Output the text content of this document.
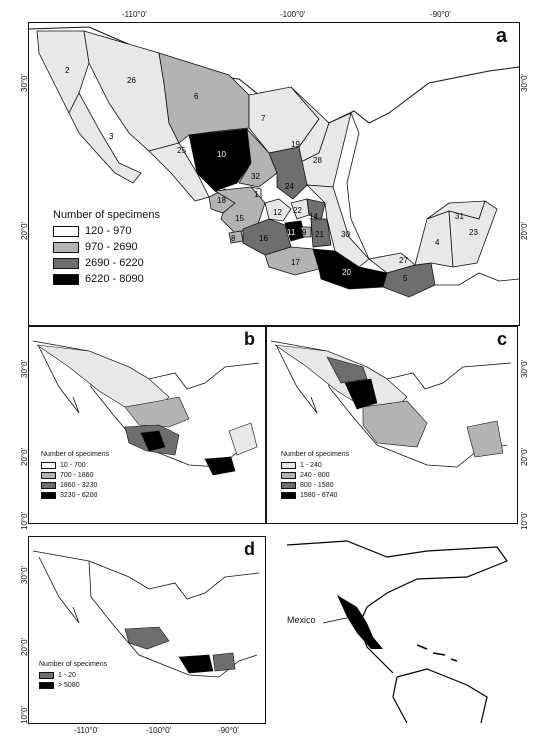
-110°0'	-100°0'	-90°0'
2
26
3
6
7
25	10
19
28
32
24
18
1
15
12 22
14
8	16
11 9 21 30
31
23
4
27
17
20
5
a
Number of specimens
120 - 970
970 - 2690
2690 - 6220
6220 - 8090
30°0'
20°0'
30°0'
20°0'
b
Number of specimens
10 - 700
700 - 1860
1860 - 3230
3230 - 6200
30°0'
20°0'
10°0'
c
Number of specimens
1 - 240
240 - 800
800 - 1580
1580 - 6740
30°0'
20°0'
10°0'
d
Number of specimens
1 - 20
> 5080
30°0'
20°0'
10°0'
Mexico
-110°0'	-100°0'	-90°0'
